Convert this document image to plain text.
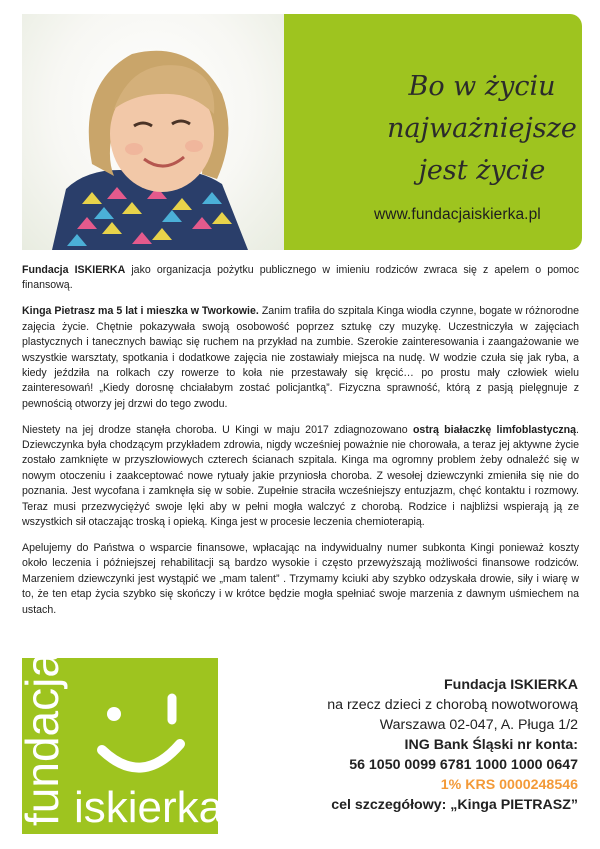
Bo w życiu
najważniejsze
jest życie
www.fundacjaiskierka.pl

Fundacja ISKIERKA jako organizacja pożytku publicznego w imieniu rodziców zwraca się z apelem o pomoc finansową.

Kinga Pietrasz ma 5 lat i mieszka w Tworkowie. Zanim trafiła do szpitala Kinga wiodła czynne, bogate w różnorodne zajęcia życie. Chętnie pokazywała swoją osobowość poprzez sztukę czy muzykę. Uczestniczyła w zajęciach plastycznych i tanecznych bawiąc się ruchem na przykład na zumbie. Szerokie zainteresowania i zaangażowanie we wszystkie warsztaty, spotkania i dodatkowe zajęcia nie zostawiały miejsca na nudę. W wodzie czuła się jak ryba, a kiedy jeździła na rolkach czy rowerze to koła nie przestawały się kręcić… po prostu mały człowiek wielu zainteresowań! „Kiedy dorosnę chciałabym zostać policjantką”. Fizyczna sprawność, którą z pasją pielęgnuje z pewnością otworzy jej drzwi do tego zwodu.

Niestety na jej drodze stanęła choroba. U Kingi w maju 2017 zdiagnozowano ostrą białaczkę limfoblastyczną. Dziewczynka była chodzącym przykładem zdrowia, nigdy wcześniej poważnie nie chorowała, a teraz jej aktywne życie zostało zamknięte w przyszłowiowych czterech ścianach szpitala. Kinga ma ogromny problem żeby odnaleźć się w nowym otoczeniu i zaakceptować nowe rytuały jakie przyniosła choroba. Z wesołej dziewczynki zmieniła się nie do poznania. Jest wycofana i zamknęła się w sobie. Zupełnie straciła wcześniejszy entuzjazm, chęć kontaktu i rozmowy. Teraz musi przezwyciężyć swoje lęki aby w pełni mogła walczyć z chorobą. Rodzice i najbliżsi wspierają ją ze wszystkich sił otaczając troską i opieką. Kinga jest w procesie leczenia chemioterapią.

Apelujemy do Państwa o wsparcie finansowe, wpłacając na indywidualny numer subkonta Kingi ponieważ koszty około leczenia i późniejszej rehabilitacji są bardzo wysokie i często przewyższają możliwości finansowe rodziców. Marzeniem dziewczynki jest wystąpić we „mam talent” . Trzymamy kciuki aby szybko odzyskała drowie, siły i wiarę w to, że ten etap życia szybko się skończy i w krótce będzie mogła spełniać swoje marzenia z dawnym uśmiechem na ustach.

fundacja iskierka
Fundacja ISKIERKA
na rzecz dzieci z chorobą nowotworową
Warszawa 02-047, A. Pługa 1/2
ING Bank Śląski nr konta:
56 1050 0099 6781 1000 1000 0647
1% KRS 0000248546
cel szczegółowy: „Kinga PIETRASZ”
